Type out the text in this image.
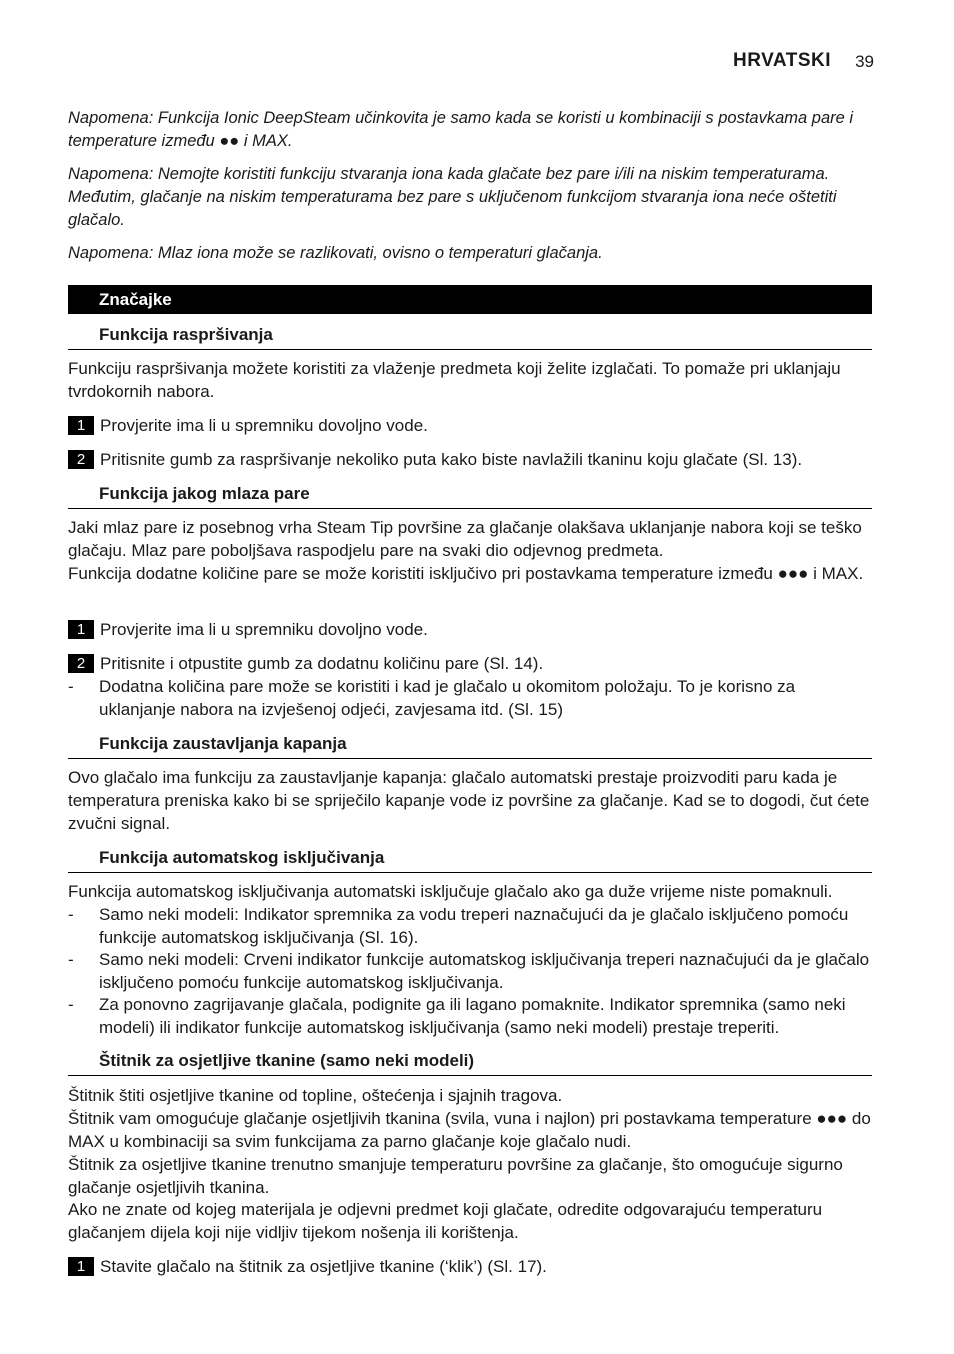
HRVATSKI 39
Napomena: Funkcija Ionic DeepSteam učinkovita je samo kada se koristi u kombinaciji s postavkama pare i temperature između ●● i MAX.
Napomena: Nemojte koristiti funkciju stvaranja iona kada glačate bez pare i/ili na niskim temperaturama. Međutim, glačanje na niskim temperaturama bez pare s uključenom funkcijom stvaranja iona neće oštetiti glačalo.
Napomena: Mlaz iona može se razlikovati, ovisno o temperaturi glačanja.
Značajke
Funkcija raspršivanja
Funkciju raspršivanja možete koristiti za vlaženje predmeta koji želite izglačati. To pomaže pri uklanjaju tvrdokornih nabora.
1 Provjerite ima li u spremniku dovoljno vode.
2 Pritisnite gumb za raspršivanje nekoliko puta kako biste navlažili tkaninu koju glačate (Sl. 13).
Funkcija jakog mlaza pare
Jaki mlaz pare iz posebnog vrha Steam Tip površine za glačanje olakšava uklanjanje nabora koji se teško glačaju. Mlaz pare poboljšava raspodjelu pare na svaki dio odjevnog predmeta.
Funkcija dodatne količine pare se može koristiti isključivo pri postavkama temperature između ●●● i MAX.
1 Provjerite ima li u spremniku dovoljno vode.
2 Pritisnite i otpustite gumb za dodatnu količinu pare (Sl. 14).
- Dodatna količina pare može se koristiti i kad je glačalo u okomitom položaju. To je korisno za uklanjanje nabora na izvješenoj odjeći, zavjesama itd. (Sl. 15)
Funkcija zaustavljanja kapanja
Ovo glačalo ima funkciju za zaustavljanje kapanja: glačalo automatski prestaje proizvoditi paru kada je temperatura preniska kako bi se spriječilo kapanje vode iz površine za glačanje. Kad se to dogodi, čut ćete zvučni signal.
Funkcija automatskog isključivanja
Funkcija automatskog isključivanja automatski isključuje glačalo ako ga duže vrijeme niste pomaknuli.
- Samo neki modeli: Indikator spremnika za vodu treperi naznačujući da je glačalo isključeno pomoću funkcije automatskog isključivanja (Sl. 16).
- Samo neki modeli: Crveni indikator funkcije automatskog isključivanja treperi naznačujući da je glačalo isključeno pomoću funkcije automatskog isključivanja.
- Za ponovno zagrijavanje glačala, podignite ga ili lagano pomaknite. Indikator spremnika (samo neki modeli) ili indikator funkcije automatskog isključivanja (samo neki modeli) prestaje treperiti.
Štitnik za osjetljive tkanine (samo neki modeli)
Štitnik štiti osjetljive tkanine od topline, oštećenja i sjajnih tragova.
Štitnik vam omogućuje glačanje osjetljivih tkanina (svila, vuna i najlon) pri postavkama temperature ●●● do MAX u kombinaciji sa svim funkcijama za parno glačanje koje glačalo nudi.
Štitnik za osjetljive tkanine trenutno smanjuje temperaturu površine za glačanje, što omogućuje sigurno glačanje osjetljivih tkanina.
Ako ne znate od kojeg materijala je odjevni predmet koji glačate, odredite odgovarajuću temperaturu glačanjem dijela koji nije vidljiv tijekom nošenja ili korištenja.
1 Stavite glačalo na štitnik za osjetljive tkanine (‘klik’) (Sl. 17).
